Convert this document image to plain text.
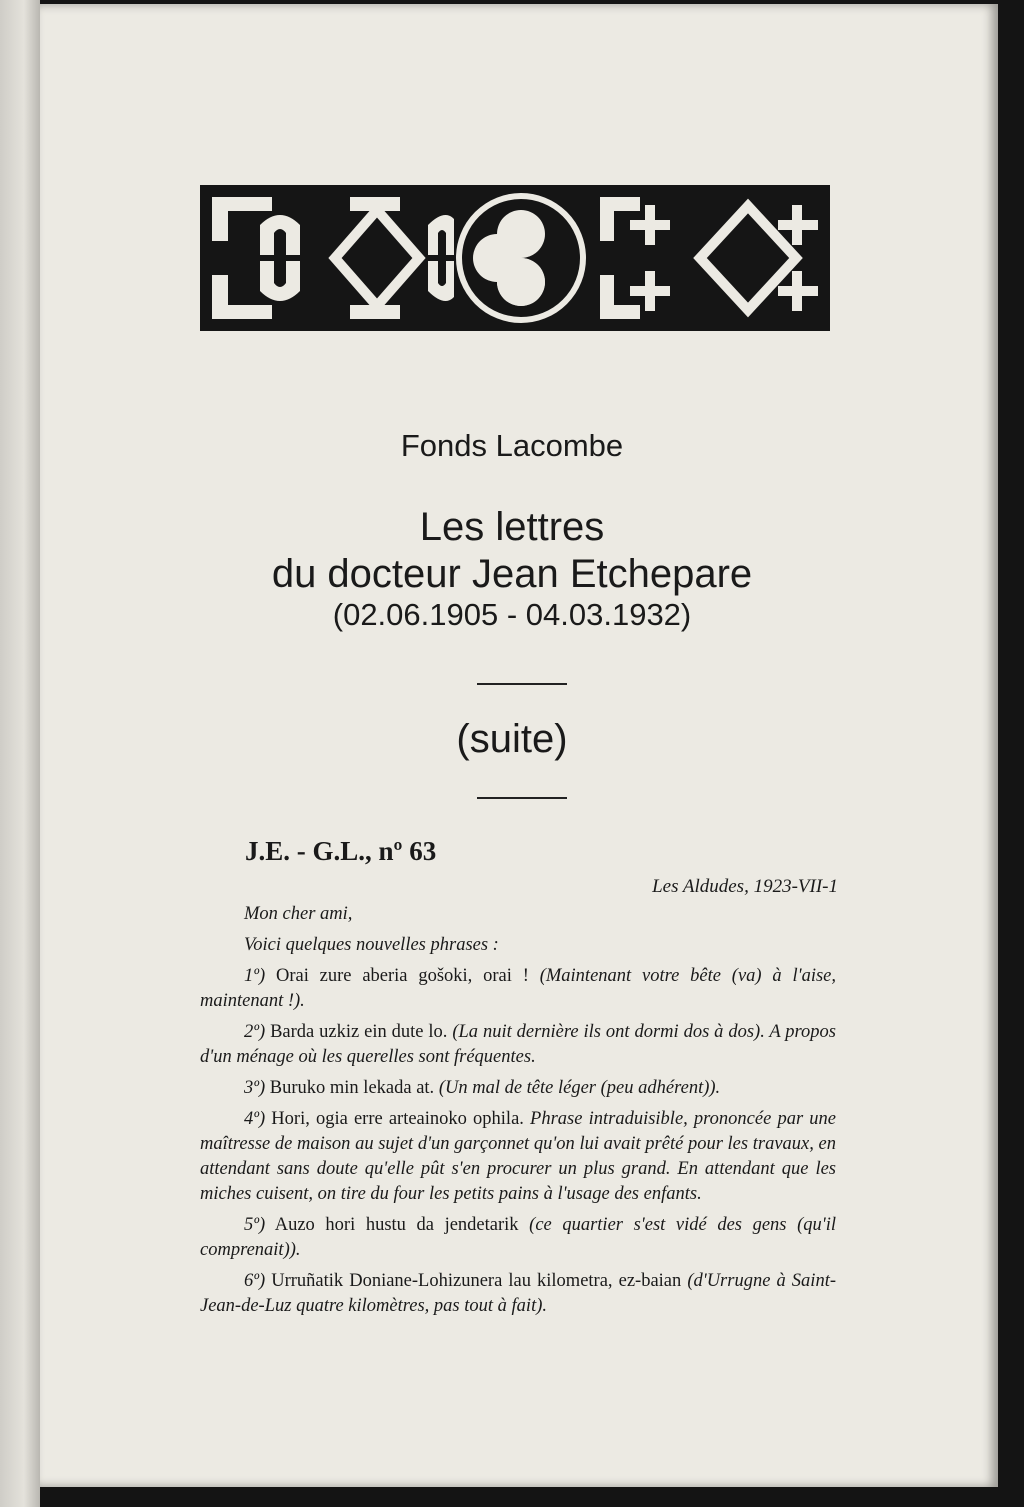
Fonds Lacombe
Les lettres
du docteur Jean Etchepare
(02.06.1905 - 04.03.1932)
(suite)
J.E. - G.L., nº 63
Les Aldudes, 1923-VII-1

Mon cher ami,

Voici quelques nouvelles phrases :

1º) Orai zure aberia gošoki, orai ! (Maintenant votre bête (va) à l'aise, maintenant !).

2º) Barda uzkiz ein dute lo. (La nuit dernière ils ont dormi dos à dos). A propos d'un ménage où les querelles sont fréquentes.

3º) Buruko min lekada at. (Un mal de tête léger (peu adhérent)).

4º) Hori, ogia erre arteainoko ophila. Phrase intraduisible, prononcée par une maîtresse de maison au sujet d'un garçonnet qu'on lui avait prêté pour les travaux, en attendant sans doute qu'elle pût s'en procurer un plus grand. En attendant que les miches cuisent, on tire du four les petits pains à l'usage des enfants.

5º) Auzo hori hustu da jendetarik (ce quartier s'est vidé des gens (qu'il comprenait)).

6º) Urruñatik Doniane-Lohizunera lau kilometra, ez-baian (d'Urrugne à Saint-Jean-de-Luz quatre kilomètres, pas tout à fait).
